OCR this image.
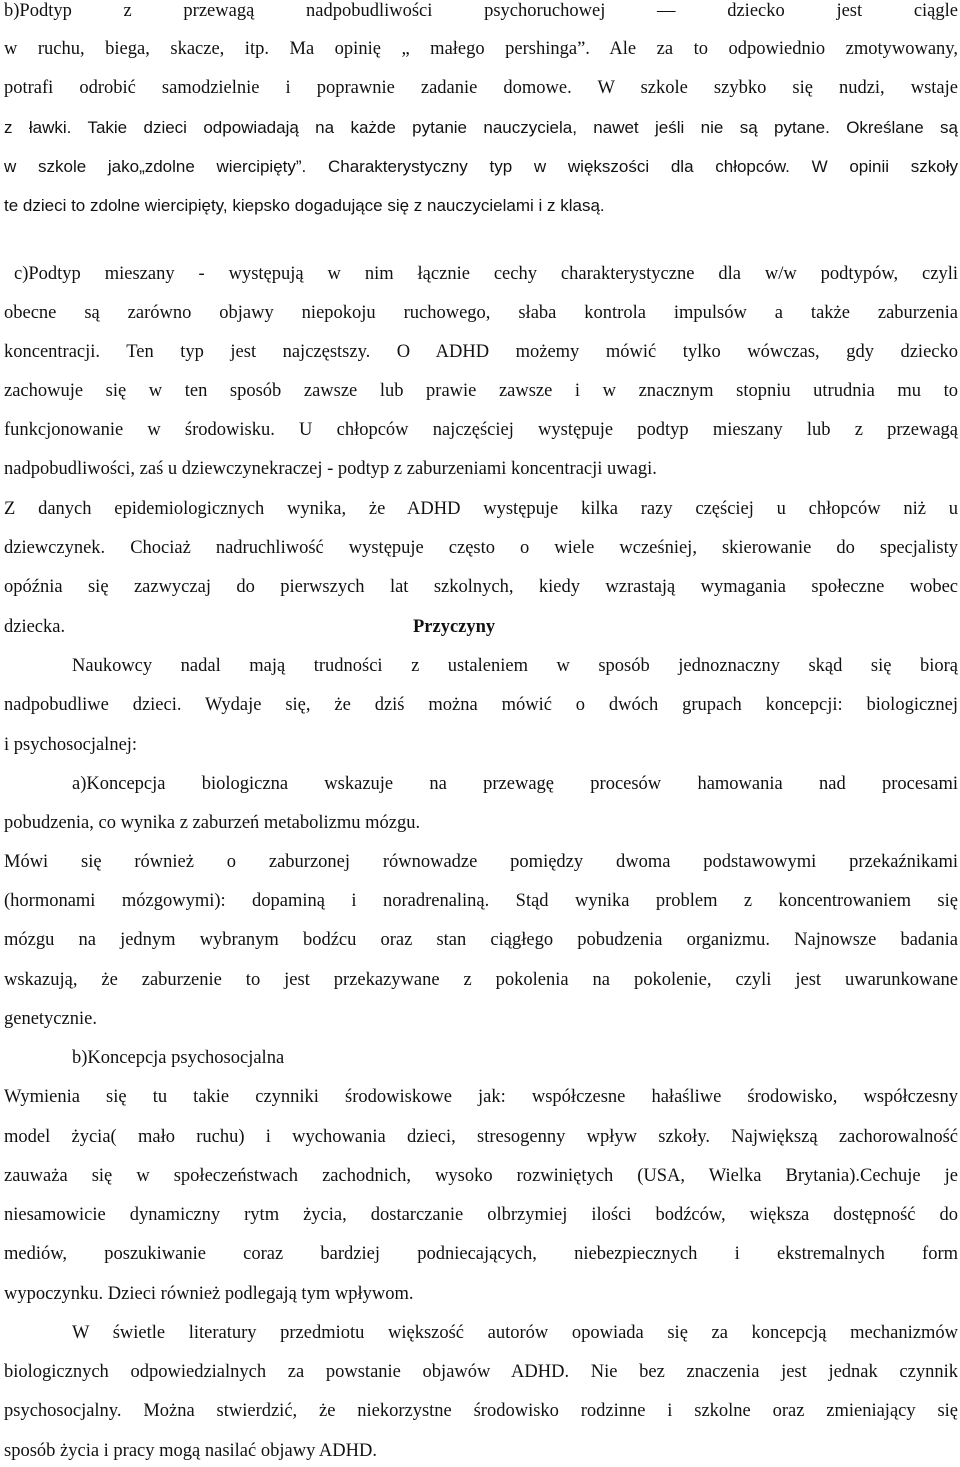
b)Podtyp z przewagą nadpobudliwości psychoruchowej — dziecko jest ciągle
w ruchu, biega, skacze, itp. Ma opinię „ małego pershinga”. Ale za to odpowiednio zmotywowany,
potrafi odrobić samodzielnie i poprawnie zadanie domowe. W szkole szybko się nudzi, wstaje
z ławki. Takie dzieci odpowiadają na każde pytanie nauczyciela, nawet jeśli nie są pytane. Określane są
w szkole jako„zdolne wiercipięty”. Charakterystyczny typ w większości dla chłopców. W opinii szkoły
te dzieci to zdolne wiercipięty, kiepsko dogadujące się z nauczycielami i z klasą.
c)Podtyp mieszany - występują w nim łącznie cechy charakterystyczne dla w/w podtypów, czyli
obecne są zarówno objawy niepokoju ruchowego, słaba kontrola impulsów a także zaburzenia
koncentracji. Ten typ jest najczęstszy. O ADHD możemy mówić tylko wówczas, gdy dziecko
zachowuje się w ten sposób zawsze lub prawie zawsze i w znacznym stopniu utrudnia mu to
funkcjonowanie w środowisku. U chłopców najczęściej występuje podtyp mieszany lub z przewagą
nadpobudliwości, zaś u dziewczynekraczej - podtyp z zaburzeniami koncentracji uwagi.
Z danych epidemiologicznych wynika, że ADHD występuje kilka razy częściej u chłopców niż u
dziewczynek. Chociaż nadruchliwość występuje często o wiele wcześniej, skierowanie do specjalisty
opóźnia się zazwyczaj do pierwszych lat szkolnych, kiedy wzrastają wymagania społeczne wobec
dziecka.	Przyczyny
Naukowcy nadal mają trudności z ustaleniem w sposób jednoznaczny skąd się biorą
nadpobudliwe dzieci. Wydaje się, że dziś można mówić o dwóch grupach koncepcji: biologicznej
i psychosocjalnej:
a)Koncepcja biologiczna wskazuje na przewagę procesów hamowania nad procesami
pobudzenia, co wynika z zaburzeń metabolizmu mózgu.
Mówi się również o zaburzonej równowadze pomiędzy dwoma podstawowymi przekaźnikami
(hormonami mózgowymi): dopaminą i noradrenaliną. Stąd wynika problem z koncentrowaniem się
mózgu na jednym wybranym bodźcu oraz stan ciągłego pobudzenia organizmu. Najnowsze badania
wskazują, że zaburzenie to jest przekazywane z pokolenia na pokolenie, czyli jest uwarunkowane
genetycznie.
b)Koncepcja psychosocjalna
Wymienia się tu takie czynniki środowiskowe jak: współczesne hałaśliwe środowisko, współczesny
model życia( mało ruchu) i wychowania dzieci, stresogenny wpływ szkoły. Największą zachorowalność
zauważa się w społeczeństwach zachodnich, wysoko rozwiniętych (USA, Wielka Brytania).Cechuje je
niesamowicie dynamiczny rytm życia, dostarczanie olbrzymiej ilości bodźców, większa dostępność do
mediów, poszukiwanie coraz bardziej podniecających, niebezpiecznych i ekstremalnych form
wypoczynku. Dzieci również podlegają tym wpływom.
W świetle literatury przedmiotu większość autorów opowiada się za koncepcją mechanizmów
biologicznych odpowiedzialnych za powstanie objawów ADHD. Nie bez znaczenia jest jednak czynnik
psychosocjalny. Można stwierdzić, że niekorzystne środowisko rodzinne i szkolne oraz zmieniający się
sposób życia i pracy mogą nasilać objawy ADHD.
